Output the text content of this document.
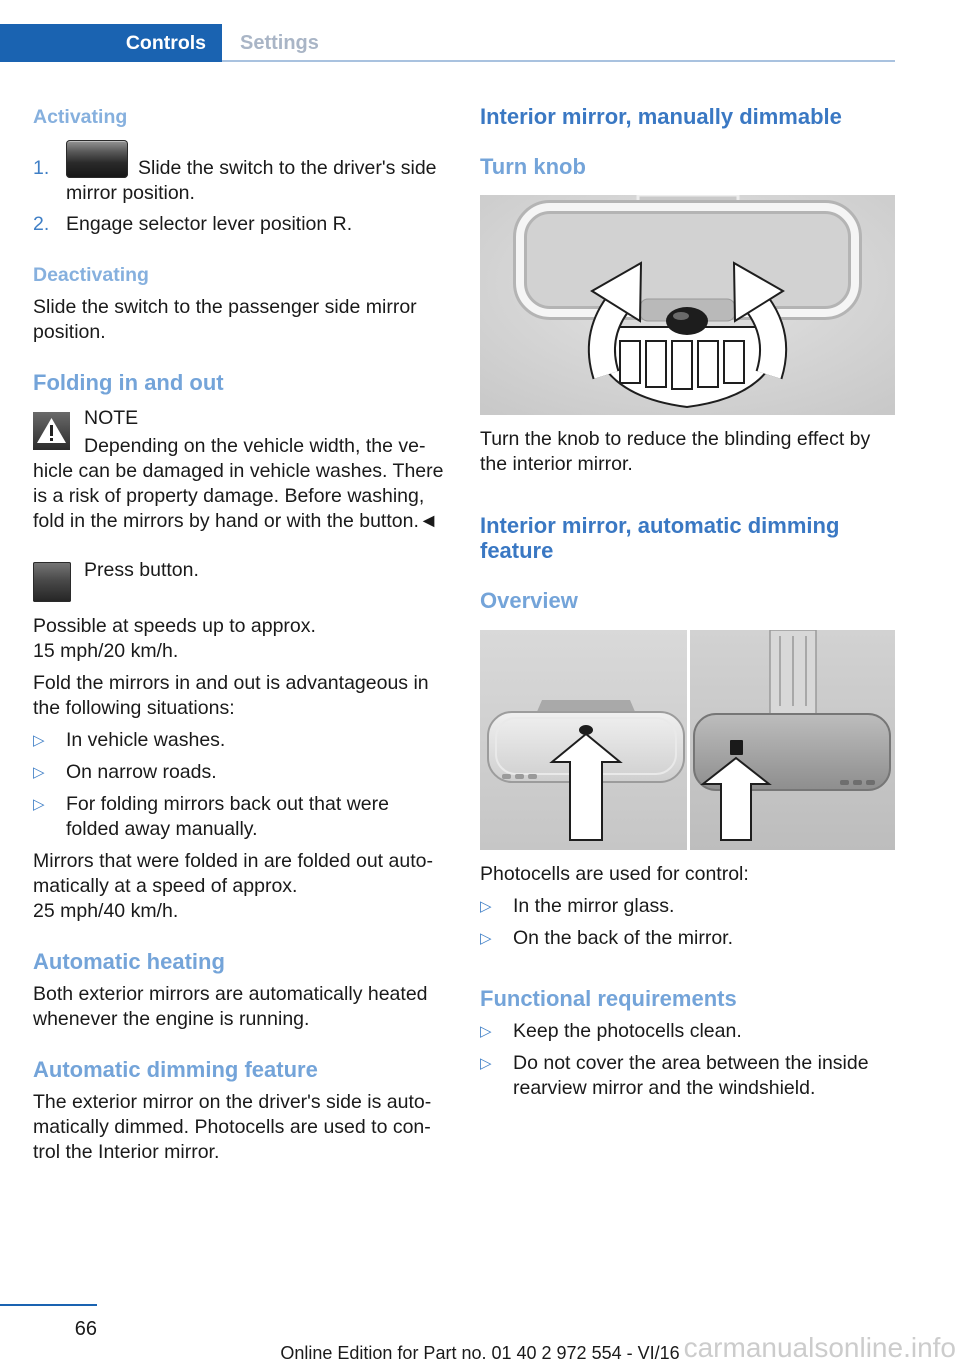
Controls	Settings
Activating
1.	Slide the switch to the driver's side
mirror position.
2. Engage selector lever position R.
Deactivating
Slide the switch to the passenger side mirror
position.
Folding in and out
NOTE
Depending on the vehicle width, the ve-
hicle can be damaged in vehicle washes. There
is a risk of property damage. Before washing,
fold in the mirrors by hand or with the button.◄
Press button.
Possible at speeds up to approx.
15 mph/20 km/h.
Fold the mirrors in and out is advantageous in
the following situations:
▷	In vehicle washes.
▷	On narrow roads.
▷	For folding mirrors back out that were
folded away manually.
Mirrors that were folded in are folded out auto-
matically at a speed of approx.
25 mph/40 km/h.
Automatic heating
Both exterior mirrors are automatically heated
whenever the engine is running.
Automatic dimming feature
The exterior mirror on the driver's side is auto-
matically dimmed. Photocells are used to con-
trol the Interior mirror.
Interior mirror, manually dimmable
Turn knob
Turn the knob to reduce the blinding effect by
the interior mirror.
Interior mirror, automatic dimming
feature
Overview
Photocells are used for control:
▷	In the mirror glass.
▷	On the back of the mirror.
Functional requirements
▷	Keep the photocells clean.
▷	Do not cover the area between the inside
rearview mirror and the windshield.
66
Online Edition for Part no. 01 40 2 972 554 - VI/16 carmanualsonline.info
